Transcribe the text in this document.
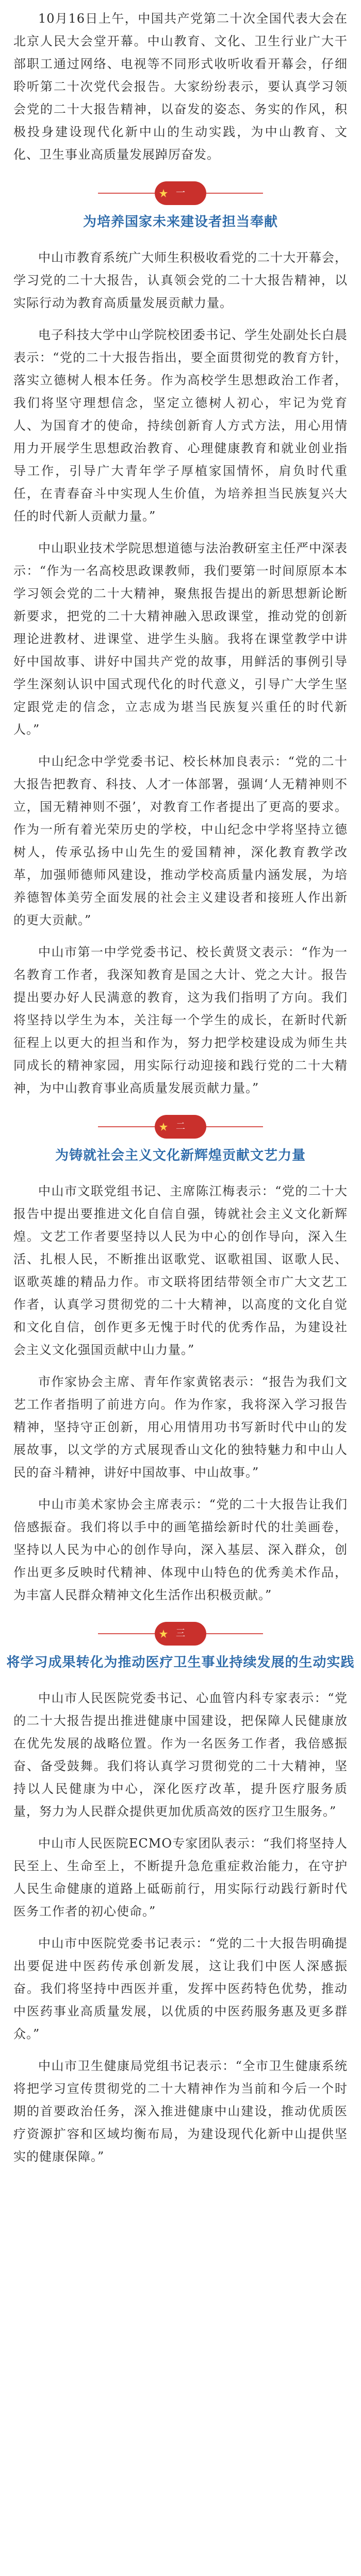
10月16日上午，中国共产党第二十次全国代表大会在北京人民大会堂开幕。中山教育、文化、卫生行业广大干部职工通过网络、电视等不同形式收听收看开幕会，仔细聆听第二十次党代会报告。大家纷纷表示，要认真学习领会党的二十大报告精神，以奋发的姿态、务实的作风，积极投身建设现代化新中山的生动实践，为中山教育、文化、卫生事业高质量发展踔厉奋发。

一
为培养国家未来建设者担当奉献

中山市教育系统广大师生积极收看党的二十大开幕会，学习党的二十大报告，认真领会党的二十大报告精神，以实际行动为教育高质量发展贡献力量。

电子科技大学中山学院校团委书记、学生处副处长白晨表示：“党的二十大报告指出，要全面贯彻党的教育方针，落实立德树人根本任务。作为高校学生思想政治工作者，我们将坚守理想信念，坚定立德树人初心，牢记为党育人、为国育才的使命，持续创新育人方式方法，用心用情用力开展学生思想政治教育、心理健康教育和就业创业指导工作，引导广大青年学子厚植家国情怀，肩负时代重任，在青春奋斗中实现人生价值，为培养担当民族复兴大任的时代新人贡献力量。”

中山职业技术学院思想道德与法治教研室主任严中深表示：“作为一名高校思政课教师，我们要第一时间原原本本学习领会党的二十大精神，聚焦报告提出的新思想新论断新要求，把党的二十大精神融入思政课堂，推动党的创新理论进教材、进课堂、进学生头脑。我将在课堂教学中讲好中国故事、讲好中国共产党的故事，用鲜活的事例引导学生深刻认识中国式现代化的时代意义，引导广大学生坚定跟党走的信念，立志成为堪当民族复兴重任的时代新人。”

中山纪念中学党委书记、校长林加良表示：“党的二十大报告把教育、科技、人才一体部署，强调‘人无精神则不立，国无精神则不强’，对教育工作者提出了更高的要求。作为一所有着光荣历史的学校，中山纪念中学将坚持立德树人，传承弘扬中山先生的爱国精神，深化教育教学改革，加强师德师风建设，推动学校高质量内涵发展，为培养德智体美劳全面发展的社会主义建设者和接班人作出新的更大贡献。”

中山市第一中学党委书记、校长黄贤文表示：“作为一名教育工作者，我深知教育是国之大计、党之大计。报告提出要办好人民满意的教育，这为我们指明了方向。我们将坚持以学生为本，关注每一个学生的成长，在新时代新征程上以更大的担当和作为，努力把学校建设成为师生共同成长的精神家园，用实际行动迎接和践行党的二十大精神，为中山教育事业高质量发展贡献力量。”

二
为铸就社会主义文化新辉煌贡献文艺力量

中山市文联党组书记、主席陈江梅表示：“党的二十大报告中提出要推进文化自信自强，铸就社会主义文化新辉煌。文艺工作者要坚持以人民为中心的创作导向，深入生活、扎根人民，不断推出讴歌党、讴歌祖国、讴歌人民、讴歌英雄的精品力作。市文联将团结带领全市广大文艺工作者，认真学习贯彻党的二十大精神，以高度的文化自觉和文化自信，创作更多无愧于时代的优秀作品，为建设社会主义文化强国贡献中山力量。”

市作家协会主席、青年作家黄铭表示：“报告为我们文艺工作者指明了前进方向。作为作家，我将深入学习报告精神，坚持守正创新，用心用情用功书写新时代中山的发展故事，以文学的方式展现香山文化的独特魅力和中山人民的奋斗精神，讲好中国故事、中山故事。”

中山市美术家协会主席表示：“党的二十大报告让我们倍感振奋。我们将以手中的画笔描绘新时代的壮美画卷，坚持以人民为中心的创作导向，深入基层、深入群众，创作出更多反映时代精神、体现中山特色的优秀美术作品，为丰富人民群众精神文化生活作出积极贡献。”

三
将学习成果转化为推动医疗卫生事业持续发展的生动实践

中山市人民医院党委书记、心血管内科专家表示：“党的二十大报告提出推进健康中国建设，把保障人民健康放在优先发展的战略位置。作为一名医务工作者，我倍感振奋、备受鼓舞。我们将认真学习贯彻党的二十大精神，坚持以人民健康为中心，深化医疗改革，提升医疗服务质量，努力为人民群众提供更加优质高效的医疗卫生服务。”

中山市人民医院ECMO专家团队表示：“我们将坚持人民至上、生命至上，不断提升急危重症救治能力，在守护人民生命健康的道路上砥砺前行，用实际行动践行新时代医务工作者的初心使命。”

中山市中医院党委书记表示：“党的二十大报告明确提出要促进中医药传承创新发展，这让我们中医人深感振奋。我们将坚持中西医并重，发挥中医药特色优势，推动中医药事业高质量发展，以优质的中医药服务惠及更多群众。”

中山市卫生健康局党组书记表示：“全市卫生健康系统将把学习宣传贯彻党的二十大精神作为当前和今后一个时期的首要政治任务，深入推进健康中山建设，推动优质医疗资源扩容和区域均衡布局，为建设现代化新中山提供坚实的健康保障。”
